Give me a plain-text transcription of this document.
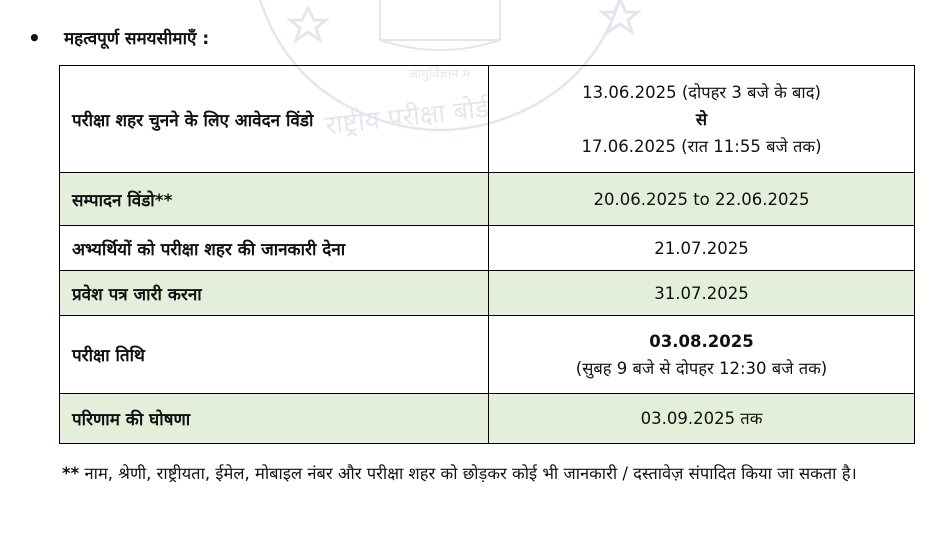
आयुर्विज्ञान म
राष्ट्रीय परीक्षा बोर्ड
• महत्वपूर्ण समयसीमाएँ :
परीक्षा शहर चुनने के लिए आवेदन विंडो	13.06.2025 (दोपहर 3 बजे के बाद)
से
17.06.2025 (रात 11:55 बजे तक)

सम्पादन विंडो**	20.06.2025 to 22.06.2025

अभ्यर्थियों को परीक्षा शहर की जानकारी देना	21.07.2025

प्रवेश पत्र जारी करना	31.07.2025

परीक्षा तिथि	03.08.2025
(सुबह 9 बजे से दोपहर 12:30 बजे तक)

परिणाम की घोषणा	03.09.2025 तक
** नाम, श्रेणी, राष्ट्रीयता, ईमेल, मोबाइल नंबर और परीक्षा शहर को छोड़कर कोई भी जानकारी / दस्तावेज़ संपादित किया जा सकता है।
